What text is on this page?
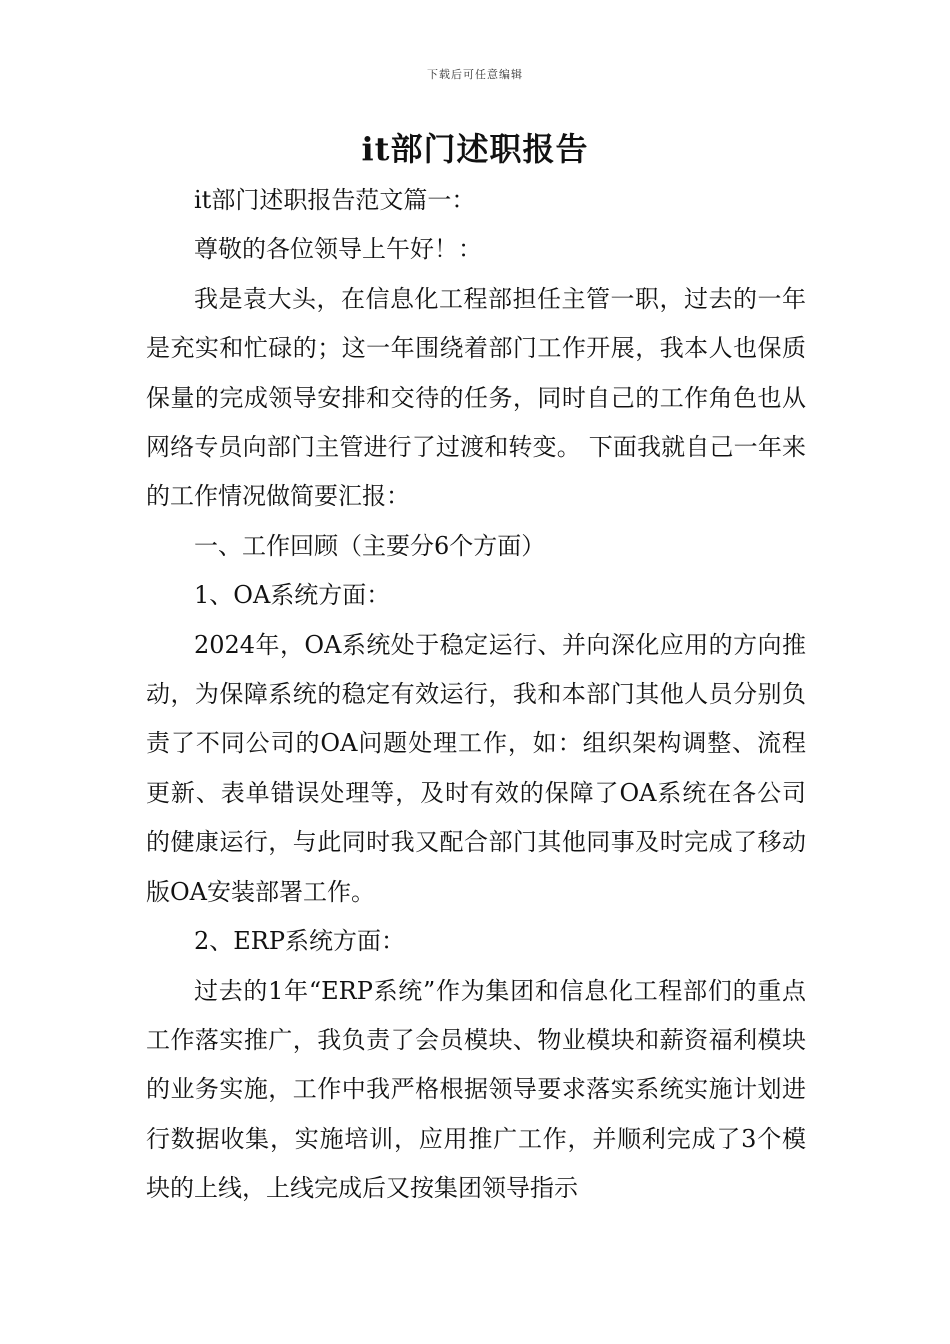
下载后可任意编辑
it部门述职报告

it部门述职报告范文篇一：

尊敬的各位领导上午好！：

我是袁大头，在信息化工程部担任主管一职，过去的一年是充实和忙碌的；这一年围绕着部门工作开展，我本人也保质保量的完成领导安排和交待的任务，同时自己的工作角色也从网络专员向部门主管进行了过渡和转变。 下面我就自己一年来的工作情况做简要汇报：

一、工作回顾（主要分6个方面）

1、OA系统方面：

2024年，OA系统处于稳定运行、并向深化应用的方向推动，为保障系统的稳定有效运行，我和本部门其他人员分别负责了不同公司的OA问题处理工作，如：组织架构调整、流程更新、表单错误处理等，及时有效的保障了OA系统在各公司的健康运行，与此同时我又配合部门其他同事及时完成了移动版OA安装部署工作。

2、ERP系统方面：

过去的1年“ERP系统”作为集团和信息化工程部们的重点工作落实推广，我负责了会员模块、物业模块和薪资福利模块的业务实施，工作中我严格根据领导要求落实系统实施计划进行数据收集，实施培训，应用推广工作，并顺利完成了3个模块的上线，上线完成后又按集团领导指示
